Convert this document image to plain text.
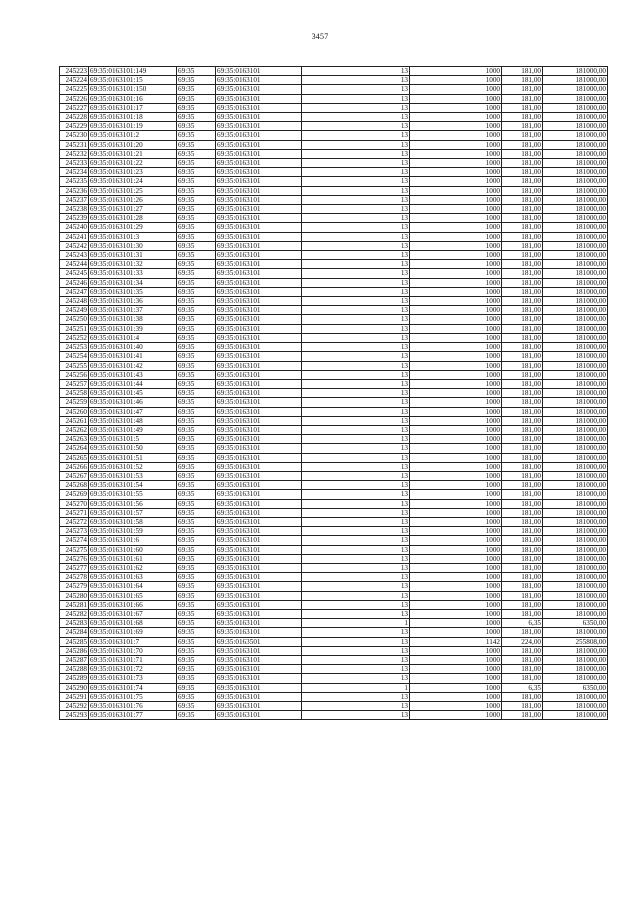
3457
245223	69:35:0163101:149	69:35	69:35:0163101	13	1000	181,00	181000,00
245224	69:35:0163101:15	69:35	69:35:0163101	13	1000	181,00	181000,00
245225	69:35:0163101:150	69:35	69:35:0163101	13	1000	181,00	181000,00
245226	69:35:0163101:16	69:35	69:35:0163101	13	1000	181,00	181000,00
245227	69:35:0163101:17	69:35	69:35:0163101	13	1000	181,00	181000,00
245228	69:35:0163101:18	69:35	69:35:0163101	13	1000	181,00	181000,00
245229	69:35:0163101:19	69:35	69:35:0163101	13	1000	181,00	181000,00
245230	69:35:0163101:2	69:35	69:35:0163101	13	1000	181,00	181000,00
245231	69:35:0163101:20	69:35	69:35:0163101	13	1000	181,00	181000,00
245232	69:35:0163101:21	69:35	69:35:0163101	13	1000	181,00	181000,00
245233	69:35:0163101:22	69:35	69:35:0163101	13	1000	181,00	181000,00
245234	69:35:0163101:23	69:35	69:35:0163101	13	1000	181,00	181000,00
245235	69:35:0163101:24	69:35	69:35:0163101	13	1000	181,00	181000,00
245236	69:35:0163101:25	69:35	69:35:0163101	13	1000	181,00	181000,00
245237	69:35:0163101:26	69:35	69:35:0163101	13	1000	181,00	181000,00
245238	69:35:0163101:27	69:35	69:35:0163101	13	1000	181,00	181000,00
245239	69:35:0163101:28	69:35	69:35:0163101	13	1000	181,00	181000,00
245240	69:35:0163101:29	69:35	69:35:0163101	13	1000	181,00	181000,00
245241	69:35:0163101:3	69:35	69:35:0163101	13	1000	181,00	181000,00
245242	69:35:0163101:30	69:35	69:35:0163101	13	1000	181,00	181000,00
245243	69:35:0163101:31	69:35	69:35:0163101	13	1000	181,00	181000,00
245244	69:35:0163101:32	69:35	69:35:0163101	13	1000	181,00	181000,00
245245	69:35:0163101:33	69:35	69:35:0163101	13	1000	181,00	181000,00
245246	69:35:0163101:34	69:35	69:35:0163101	13	1000	181,00	181000,00
245247	69:35:0163101:35	69:35	69:35:0163101	13	1000	181,00	181000,00
245248	69:35:0163101:36	69:35	69:35:0163101	13	1000	181,00	181000,00
245249	69:35:0163101:37	69:35	69:35:0163101	13	1000	181,00	181000,00
245250	69:35:0163101:38	69:35	69:35:0163101	13	1000	181,00	181000,00
245251	69:35:0163101:39	69:35	69:35:0163101	13	1000	181,00	181000,00
245252	69:35:0163101:4	69:35	69:35:0163101	13	1000	181,00	181000,00
245253	69:35:0163101:40	69:35	69:35:0163101	13	1000	181,00	181000,00
245254	69:35:0163101:41	69:35	69:35:0163101	13	1000	181,00	181000,00
245255	69:35:0163101:42	69:35	69:35:0163101	13	1000	181,00	181000,00
245256	69:35:0163101:43	69:35	69:35:0163101	13	1000	181,00	181000,00
245257	69:35:0163101:44	69:35	69:35:0163101	13	1000	181,00	181000,00
245258	69:35:0163101:45	69:35	69:35:0163101	13	1000	181,00	181000,00
245259	69:35:0163101:46	69:35	69:35:0163101	13	1000	181,00	181000,00
245260	69:35:0163101:47	69:35	69:35:0163101	13	1000	181,00	181000,00
245261	69:35:0163101:48	69:35	69:35:0163101	13	1000	181,00	181000,00
245262	69:35:0163101:49	69:35	69:35:0163101	13	1000	181,00	181000,00
245263	69:35:0163101:5	69:35	69:35:0163101	13	1000	181,00	181000,00
245264	69:35:0163101:50	69:35	69:35:0163101	13	1000	181,00	181000,00
245265	69:35:0163101:51	69:35	69:35:0163101	13	1000	181,00	181000,00
245266	69:35:0163101:52	69:35	69:35:0163101	13	1000	181,00	181000,00
245267	69:35:0163101:53	69:35	69:35:0163101	13	1000	181,00	181000,00
245268	69:35:0163101:54	69:35	69:35:0163101	13	1000	181,00	181000,00
245269	69:35:0163101:55	69:35	69:35:0163101	13	1000	181,00	181000,00
245270	69:35:0163101:56	69:35	69:35:0163101	13	1000	181,00	181000,00
245271	69:35:0163101:57	69:35	69:35:0163101	13	1000	181,00	181000,00
245272	69:35:0163101:58	69:35	69:35:0163101	13	1000	181,00	181000,00
245273	69:35:0163101:59	69:35	69:35:0163101	13	1000	181,00	181000,00
245274	69:35:0163101:6	69:35	69:35:0163101	13	1000	181,00	181000,00
245275	69:35:0163101:60	69:35	69:35:0163101	13	1000	181,00	181000,00
245276	69:35:0163101:61	69:35	69:35:0163101	13	1000	181,00	181000,00
245277	69:35:0163101:62	69:35	69:35:0163101	13	1000	181,00	181000,00
245278	69:35:0163101:63	69:35	69:35:0163101	13	1000	181,00	181000,00
245279	69:35:0163101:64	69:35	69:35:0163101	13	1000	181,00	181000,00
245280	69:35:0163101:65	69:35	69:35:0163101	13	1000	181,00	181000,00
245281	69:35:0163101:66	69:35	69:35:0163101	13	1000	181,00	181000,00
245282	69:35:0163101:67	69:35	69:35:0163101	13	1000	181,00	181000,00
245283	69:35:0163101:68	69:35	69:35:0163101	1	1000	6,35	6350,00
245284	69:35:0163101:69	69:35	69:35:0163101	13	1000	181,00	181000,00
245285	69:35:0163101:7	69:35	69:35:0163501	13	1142	224,00	255808,00
245286	69:35:0163101:70	69:35	69:35:0163101	13	1000	181,00	181000,00
245287	69:35:0163101:71	69:35	69:35:0163101	13	1000	181,00	181000,00
245288	69:35:0163101:72	69:35	69:35:0163101	13	1000	181,00	181000,00
245289	69:35:0163101:73	69:35	69:35:0163101	13	1000	181,00	181000,00
245290	69:35:0163101:74	69:35	69:35:0163101	1	1000	6,35	6350,00
245291	69:35:0163101:75	69:35	69:35:0163101	13	1000	181,00	181000,00
245292	69:35:0163101:76	69:35	69:35:0163101	13	1000	181,00	181000,00
245293	69:35:0163101:77	69:35	69:35:0163101	13	1000	181,00	181000,00
